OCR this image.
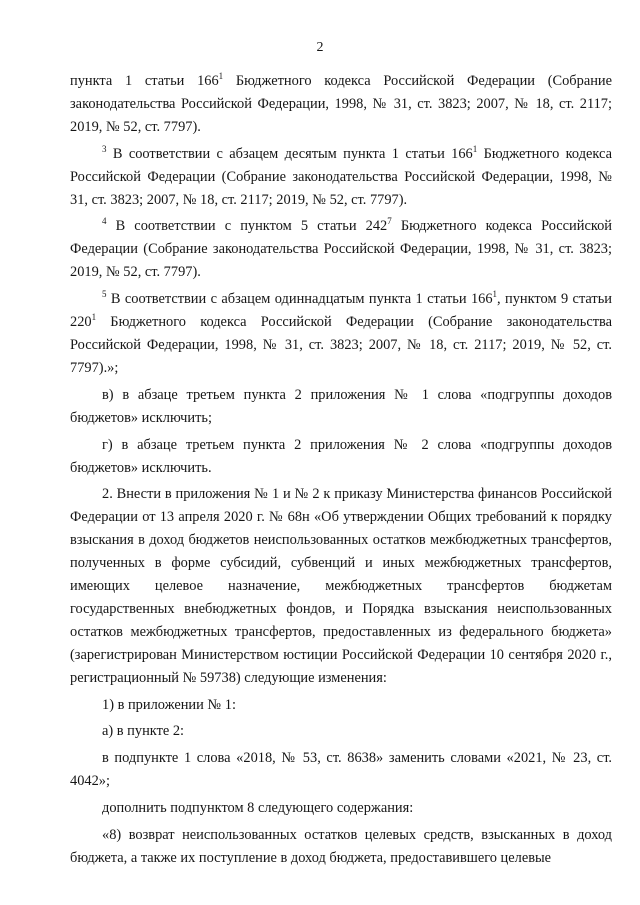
2

пункта 1 статьи $166^1$ Бюджетного кодекса Российской Федерации (Собрание законодательства Российской Федерации, 1998, № 31, ст. 3823; 2007, № 18, ст. 2117; 2019, № 52, ст. 7797).

$^3$ В соответствии с абзацем десятым пункта 1 статьи $166^1$ Бюджетного кодекса Российской Федерации (Собрание законодательства Российской Федерации, 1998, № 31, ст. 3823; 2007, № 18, ст. 2117; 2019, № 52, ст. 7797).

$^4$ В соответствии с пунктом 5 статьи $242^7$ Бюджетного кодекса Российской Федерации (Собрание законодательства Российской Федерации, 1998, № 31, ст. 3823; 2019, № 52, ст. 7797).

$^5$ В соответствии с абзацем одиннадцатым пункта 1 статьи $166^1$, пунктом 9 статьи $220^1$ Бюджетного кодекса Российской Федерации (Собрание законодательства Российской Федерации, 1998, № 31, ст. 3823; 2007, № 18, ст. 2117; 2019, № 52, ст. 7797).»;

в) в абзаце третьем пункта 2 приложения № 1 слова «подгруппы доходов бюджетов» исключить;

г) в абзаце третьем пункта 2 приложения № 2 слова «подгруппы доходов бюджетов» исключить.

2. Внести в приложения № 1 и № 2 к приказу Министерства финансов Российской Федерации от 13 апреля 2020 г. № 68н «Об утверждении Общих требований к порядку взыскания в доход бюджетов неиспользованных остатков межбюджетных трансфертов, полученных в форме субсидий, субвенций и иных межбюджетных трансфертов, имеющих целевое назначение, межбюджетных трансфертов бюджетам государственных внебюджетных фондов, и Порядка взыскания неиспользованных остатков межбюджетных трансфертов, предоставленных из федерального бюджета» (зарегистрирован Министерством юстиции Российской Федерации 10 сентября 2020 г., регистрационный № 59738) следующие изменения:

1) в приложении № 1:

а) в пункте 2:

в подпункте 1 слова «2018, № 53, ст. 8638» заменить словами «2021, № 23, ст. 4042»;

дополнить подпунктом 8 следующего содержания:

«8) возврат неиспользованных остатков целевых средств, взысканных в доход бюджета, а также их поступление в доход бюджета, предоставившего целевые
